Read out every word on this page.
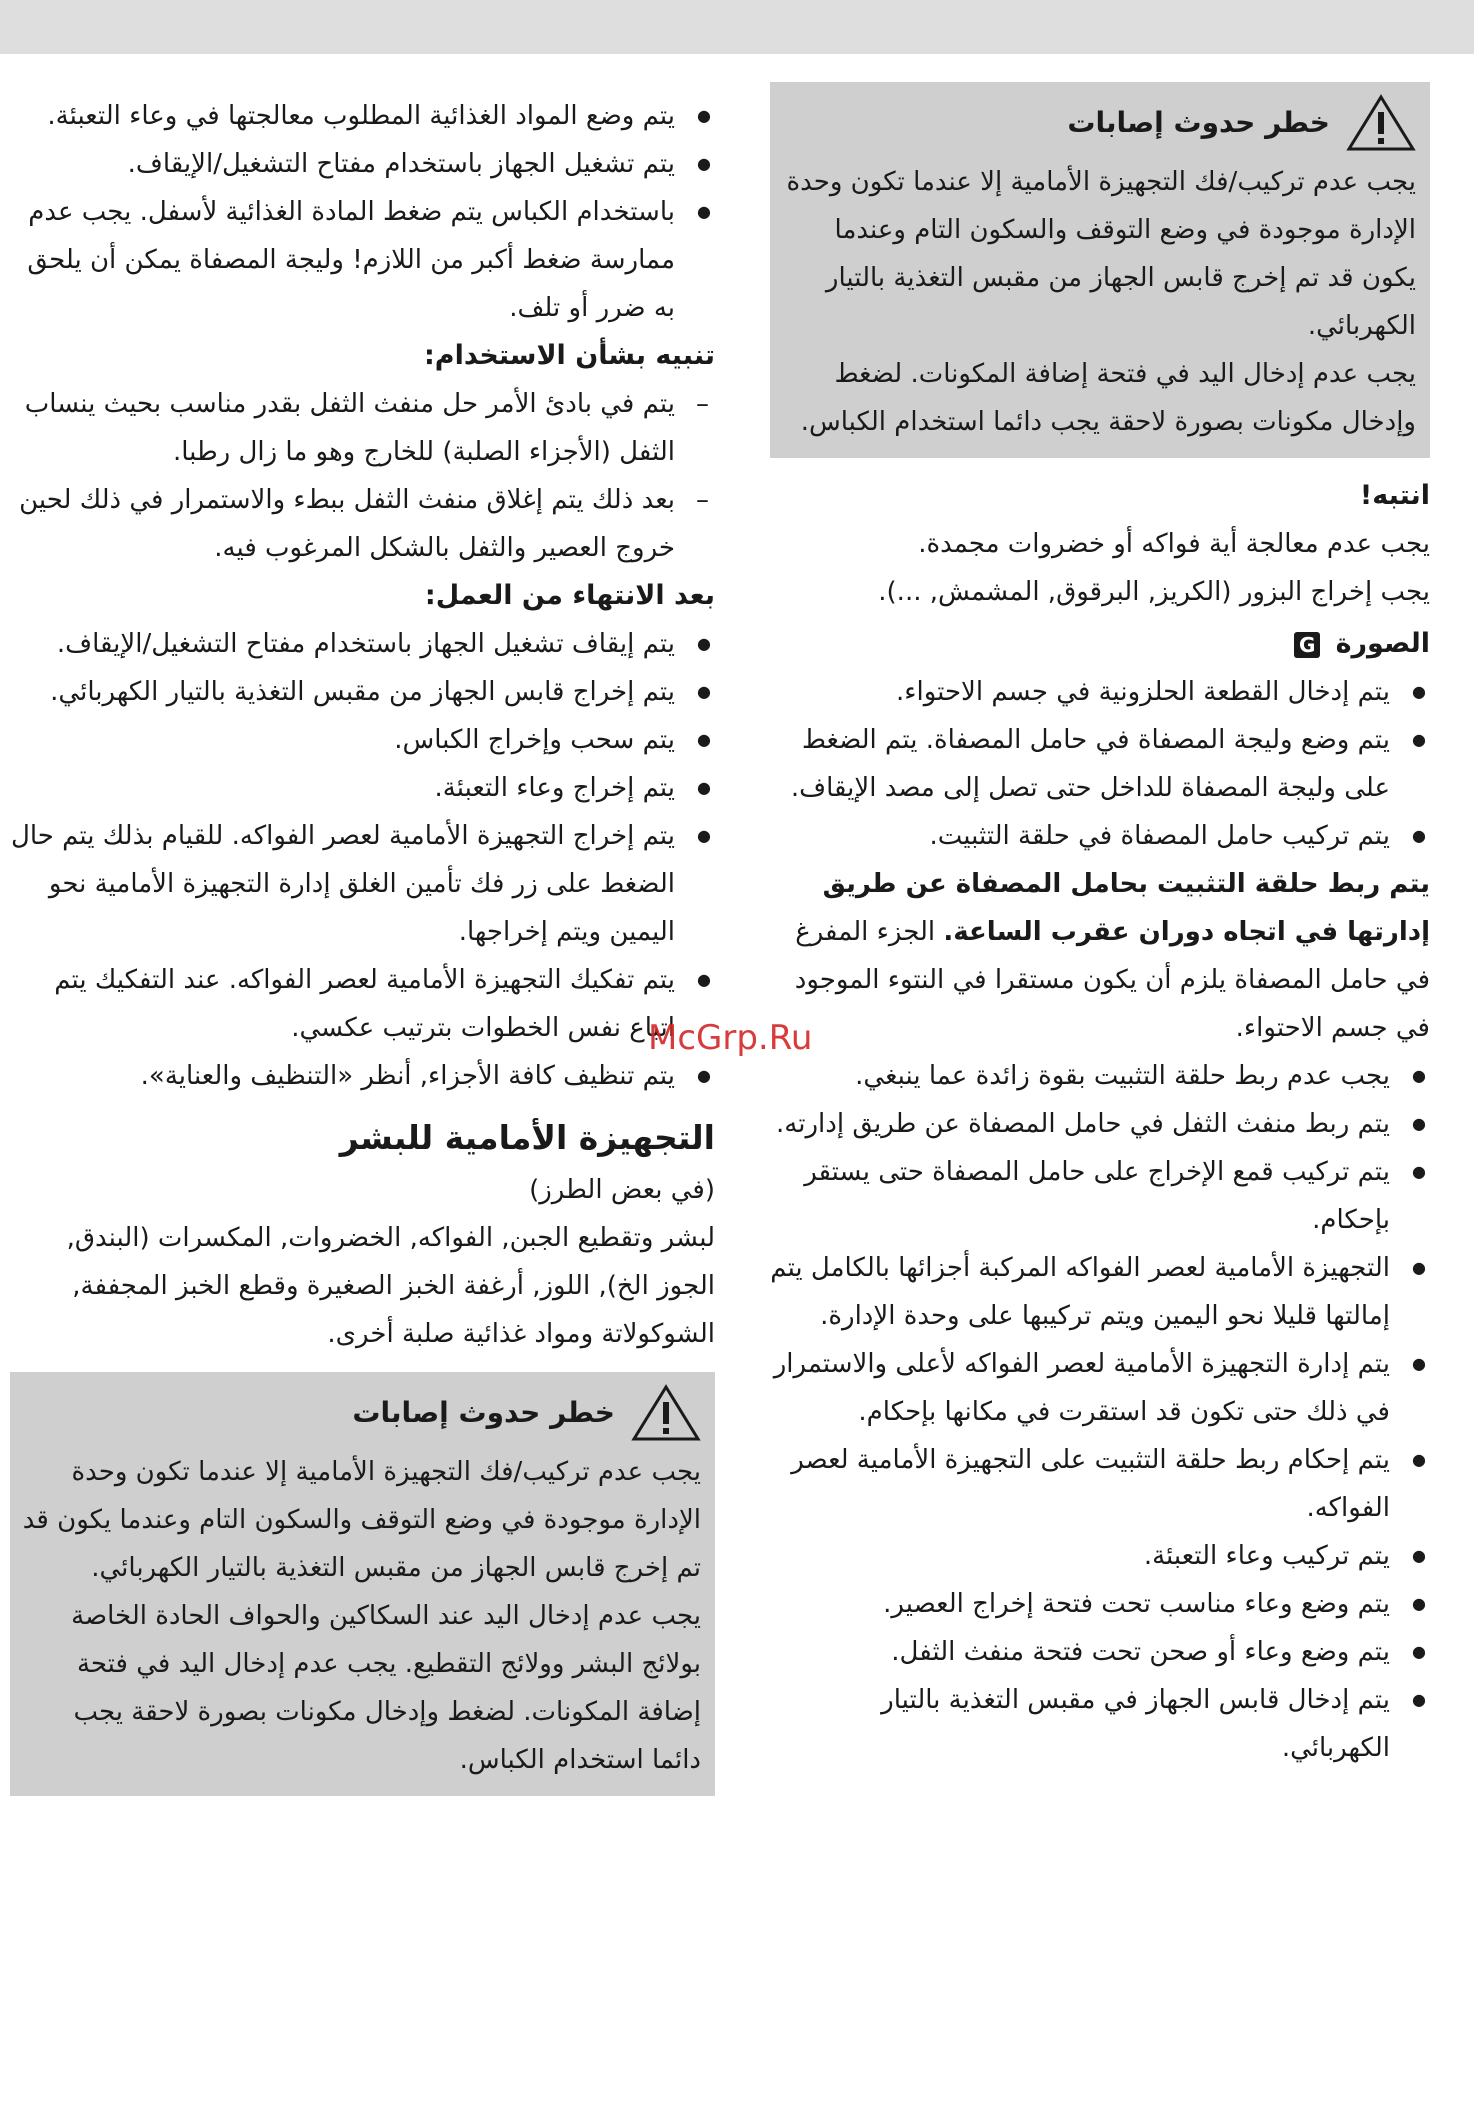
خطر حدوث إصابات

يجب عدم تركيب/فك التجهيزة الأمامية إلا عندما تكون وحدة الإدارة موجودة في وضع التوقف والسكون التام وعندما يكون قد تم إخرج قابس الجهاز من مقبس التغذية بالتيار الكهربائي.

يجب عدم إدخال اليد في فتحة إضافة المكونات. لضغط وإدخال مكونات بصورة لاحقة يجب دائما استخدام الكباس.

انتبه!

يجب عدم معالجة أية فواكه أو خضروات مجمدة.

يجب إخراج البزور (الكريز, البرقوق, المشمش, ...).

الصورة G
● يتم إدخال القطعة الحلزونية في جسم الاحتواء.
● يتم وضع وليجة المصفاة في حامل المصفاة. يتم الضغط على وليجة المصفاة للداخل حتى تصل إلى مصد الإيقاف.
● يتم تركيب حامل المصفاة في حلقة التثبيت.

يتم ربط حلقة التثبيت بحامل المصفاة عن طريق إدارتها في اتجاه دوران عقرب الساعة. الجزء المفرغ في حامل المصفاة يلزم أن يكون مستقرا في النتوء الموجود في جسم الاحتواء.

● يجب عدم ربط حلقة التثبيت بقوة زائدة عما ينبغي.
● يتم ربط منفث الثفل في حامل المصفاة عن طريق إدارته.
● يتم تركيب قمع الإخراج على حامل المصفاة حتى يستقر بإحكام.
● التجهيزة الأمامية لعصر الفواكه المركبة أجزائها بالكامل يتم إمالتها قليلا نحو اليمين ويتم تركيبها على وحدة الإدارة.
● يتم إدارة التجهيزة الأمامية لعصر الفواكه لأعلى والاستمرار في ذلك حتى تكون قد استقرت في مكانها بإحكام.
● يتم إحكام ربط حلقة التثبيت على التجهيزة الأمامية لعصر الفواكه.
● يتم تركيب وعاء التعبئة.
● يتم وضع وعاء مناسب تحت فتحة إخراج العصير.
● يتم وضع وعاء أو صحن تحت فتحة منفث الثفل.
● يتم إدخال قابس الجهاز في مقبس التغذية بالتيار الكهربائي.
● يتم وضع المواد الغذائية المطلوب معالجتها في وعاء التعبئة.
● يتم تشغيل الجهاز باستخدام مفتاح التشغيل/الإيقاف.
● باستخدام الكباس يتم ضغط المادة الغذائية لأسفل. يجب عدم ممارسة ضغط أكبر من اللازم! وليجة المصفاة يمكن أن يلحق به ضرر أو تلف.
تنبيه بشأن الاستخدام:
– يتم في بادئ الأمر حل منفث الثفل بقدر مناسب بحيث ينساب الثفل (الأجزاء الصلبة) للخارج وهو ما زال رطبا.
– بعد ذلك يتم إغلاق منفث الثفل ببطء والاستمرار في ذلك لحين خروج العصير والثفل بالشكل المرغوب فيه.
بعد الانتهاء من العمل:
● يتم إيقاف تشغيل الجهاز باستخدام مفتاح التشغيل/الإيقاف.
● يتم إخراج قابس الجهاز من مقبس التغذية بالتيار الكهربائي.
● يتم سحب وإخراج الكباس.
● يتم إخراج وعاء التعبئة.
● يتم إخراج التجهيزة الأمامية لعصر الفواكه. للقيام بذلك يتم حال الضغط على زر فك تأمين الغلق إدارة التجهيزة الأمامية نحو اليمين ويتم إخراجها.
● يتم تفكيك التجهيزة الأمامية لعصر الفواكه. عند التفكيك يتم اتباع نفس الخطوات بترتيب عكسي.
● يتم تنظيف كافة الأجزاء, أنظر «التنظيف والعناية».
التجهيزة الأمامية للبشر

(في بعض الطرز)

لبشر وتقطيع الجبن, الفواكه, الخضروات, المكسرات (البندق, الجوز الخ), اللوز, أرغفة الخبز الصغيرة وقطع الخبز المجففة, الشوكولاتة ومواد غذائية صلبة أخرى.

خطر حدوث إصابات

يجب عدم تركيب/فك التجهيزة الأمامية إلا عندما تكون وحدة الإدارة موجودة في وضع التوقف والسكون التام وعندما يكون قد تم إخرج قابس الجهاز من مقبس التغذية بالتيار الكهربائي.

يجب عدم إدخال اليد عند السكاكين والحواف الحادة الخاصة بولائج البشر وولائج التقطيع. يجب عدم إدخال اليد في فتحة إضافة المكونات. لضغط وإدخال مكونات بصورة لاحقة يجب دائما استخدام الكباس.

McGrp.Ru
